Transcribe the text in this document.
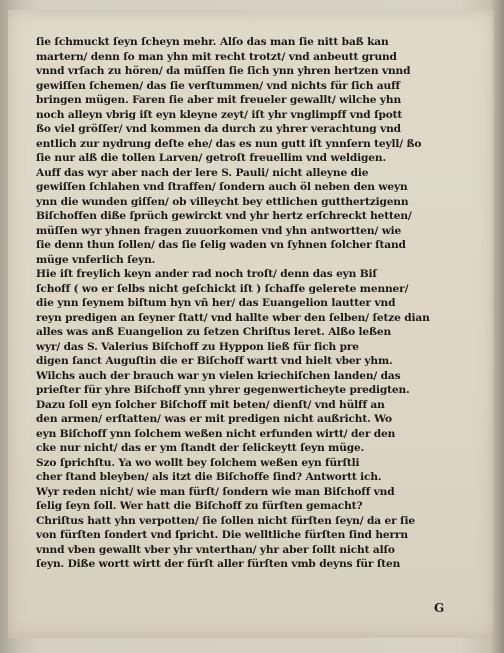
ſie ſchmuckt ſeyn ſcheyn mehr. Alſo das man ſie nitt baß kan
martern/ denn ſo man yhn mit recht trotzt/ vnd anbeutt grund
vnnd vrſach zu hören/ da müſſen ſie ſich ynn yhren hertzen vnnd
gewiſſen ſchemen/ das ſie verſtummen/ vnd nichts für ſich auff
bringen mügen. Faren ſie aber mit freueler gewallt/ wilche yhn
noch alleyn vbrig iſt eyn kleyne zeyt/ iſt yhr vnglimpff vnd ſpott
ßo viel gröſſer/ vnd kommen da durch zu yhrer verachtung vnd
entlich zur nydrung deſte ehe/ das es nun gutt iſt ynnſern teyll/ ßo
ſie nur alß die tollen Larven/ getroſt freuellim vnd weldigen.
Auff das wyr aber nach der lere S. Pauli/ nicht alleyne die
gewiſſen ſchlahen vnd ſtraffen/ ſondern auch öl neben den weyn
ynn die wunden giſſen/ ob villeycht bey ettlichen gutthertzigenn
Biſchoffen diße ſprüch gewirckt vnd yhr hertz erſchreckt hetten/
müſſen wyr yhnen fragen zuuorkomen vnd yhn antwortten/ wie
ſie denn thun ſollen/ das ſie ſelig waden vn ſyhnen ſolcher ſtand
müge vnferlich ſeyn.
Hie iſt freylich keyn ander rad noch troſt/ denn das eyn Biſ
ſchoff ( wo er ſelbs nicht geſchickt iſt ) ſchaffe gelerete menner/
die ynn ſeynem biſtum hyn vñ her/ das Euangelion lautter vnd
reyn predigen an ſeyner ſtatt/ vnd hallte wber den ſelben/ ſetze dian
alles was anß Euangelion zu ſetzen Chriſtus leret. Alßo leßen
wyr/ das S. Valerius Biſchoff zu Hyppon ließ für ſich pre
digen ſanct Auguſtin die er Biſchoff wartt vnd hielt vber yhm.
Wilchs auch der brauch war yn vielen kriechiſchen landen/ das
prieſter für yhre Biſchoff ynn yhrer gegenwerticheyte predigten.
Dazu ſoll eyn ſolcher Biſchoff mit beten/ dienſt/ vnd hülff an
den armen/ erſtatten/ was er mit predigen nicht außricht. Wo
eyn Biſchoff ynn ſolchem weßen nicht erfunden wirtt/ der den
cke nur nicht/ das er ym ſtandt der ſelickeytt ſeyn müge.
Szo ſprichſtu. Ya wo wollt bey ſolchem weßen eyn fürſtli
cher ſtand bleyben/ als itzt die Biſchoffe ſind? Antwortt ich.
Wyr reden nicht/ wie man fürſt/ ſondern wie man Biſchoff vnd
ſelig ſeyn ſoll. Wer hatt die Biſchoff zu fürſten gemacht?
Chriſtus hatt yhn verpotten/ ſie ſollen nicht fürſten ſeyn/ da er ſie
von fürſten ſondert vnd ſpricht. Die welltliche fürſten ſind herrn
vnnd vben gewallt vber yhr vnterthan/ yhr aber ſollt nicht alſo
ſeyn. Diße wortt wirtt der fürſt aller fürſten vmb deyns für ſten
G
